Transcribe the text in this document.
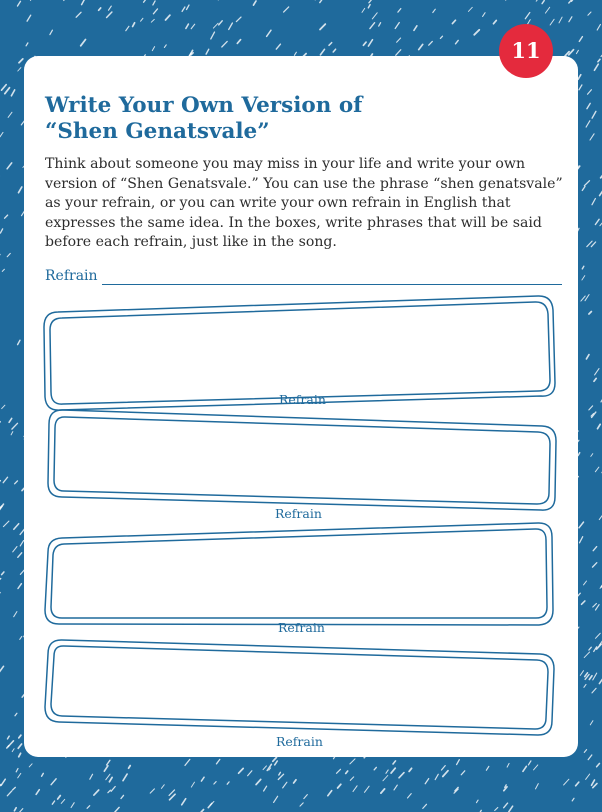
11
Write Your Own Version of
“Shen Genatsvale”

Think about someone you may miss in your life and write your own version of “Shen Genatsvale.” You can use the phrase “shen genatsvale” as your refrain, or you can write your own refrain in English that expresses the same idea. In the boxes, write phrases that will be said before each refrain, just like in the song.

Refrain
Refrain
Refrain
Refrain
Refrain
